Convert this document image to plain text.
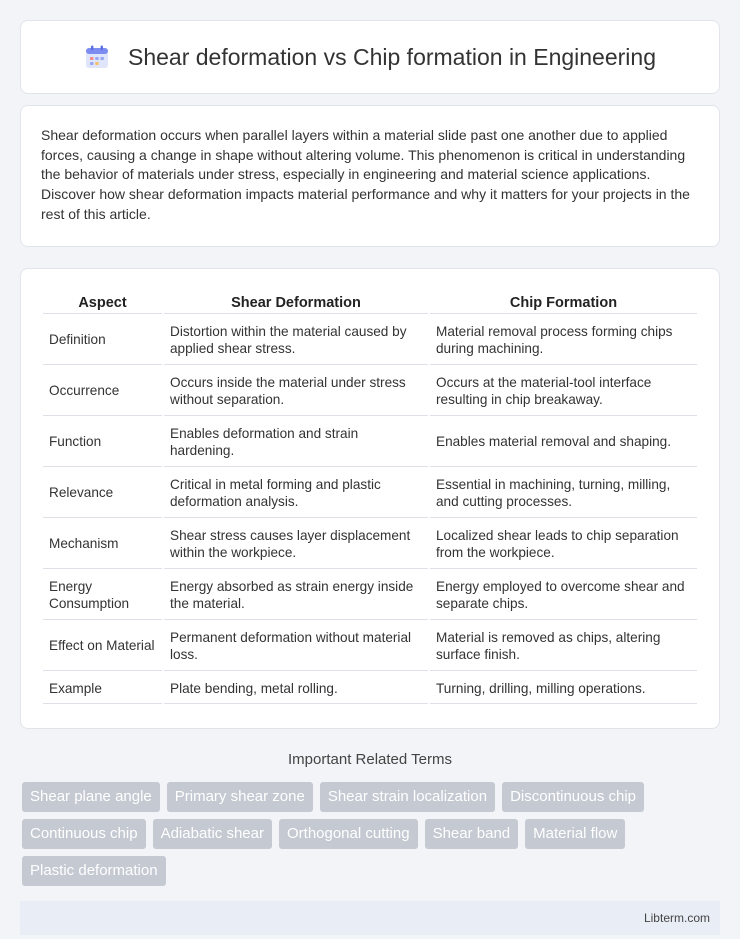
Shear deformation vs Chip formation in Engineering

Shear deformation occurs when parallel layers within a material slide past one another due to applied forces, causing a change in shape without altering volume. This phenomenon is critical in understanding the behavior of materials under stress, especially in engineering and material science applications. Discover how shear deformation impacts material performance and why it matters for your projects in the rest of this article.

Aspect	Shear Deformation	Chip Formation
Definition	Distortion within the material caused by applied shear stress.	Material removal process forming chips during machining.
Occurrence	Occurs inside the material under stress without separation.	Occurs at the material-tool interface resulting in chip breakaway.
Function	Enables deformation and strain hardening.	Enables material removal and shaping.
Relevance	Critical in metal forming and plastic deformation analysis.	Essential in machining, turning, milling, and cutting processes.
Mechanism	Shear stress causes layer displacement within the workpiece.	Localized shear leads to chip separation from the workpiece.
Energy Consumption	Energy absorbed as strain energy inside the material.	Energy employed to overcome shear and separate chips.
Effect on Material	Permanent deformation without material loss.	Material is removed as chips, altering surface finish.
Example	Plate bending, metal rolling.	Turning, drilling, milling operations.
Important Related Terms
Shear plane angle	Primary shear zone	Shear strain localization	Discontinuous chip
Continuous chip	Adiabatic shear	Orthogonal cutting	Shear band	Material flow
Plastic deformation
Libterm.com
